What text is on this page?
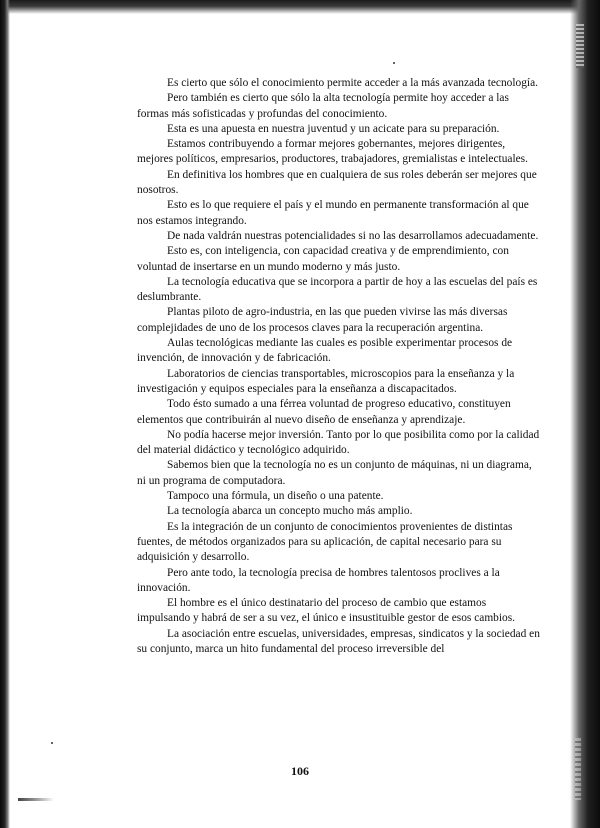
Es cierto que sólo el conocimiento permite acceder a la más avanzada tecnología.

Pero también es cierto que sólo la alta tecnología permite hoy acceder a las formas más sofisticadas y profundas del conocimiento.

Esta es una apuesta en nuestra juventud y un acicate para su preparación.

Estamos contribuyendo a formar mejores gobernantes, mejores dirigentes, mejores políticos, empresarios, productores, trabajadores, gremialistas e intelectuales.

En definitiva los hombres que en cualquiera de sus roles deberán ser mejores que nosotros.

Esto es lo que requiere el país y el mundo en permanente transformación al que nos estamos integrando.

De nada valdrán nuestras potencialidades si no las desarrollamos adecuadamente.

Esto es, con inteligencia, con capacidad creativa y de emprendimiento, con voluntad de insertarse en un mundo moderno y más justo.

La tecnología educativa que se incorpora a partir de hoy a las escuelas del país es deslumbrante.

Plantas piloto de agro-industria, en las que pueden vivirse las más diversas complejidades de uno de los procesos claves para la recuperación argentina.

Aulas tecnológicas mediante las cuales es posible experimentar procesos de invención, de innovación y de fabricación.

Laboratorios de ciencias transportables, microscopios para la enseñanza y la investigación y equipos especiales para la enseñanza a discapacitados.

Todo ésto sumado a una férrea voluntad de progreso educativo, constituyen elementos que contribuirán al nuevo diseño de enseñanza y aprendizaje.

No podía hacerse mejor inversión. Tanto por lo que posibilita como por la calidad del material didáctico y tecnológico adquirido.

Sabemos bien que la tecnología no es un conjunto de máquinas, ni un diagrama, ni un programa de computadora.

Tampoco una fórmula, un diseño o una patente.

La tecnología abarca un concepto mucho más amplio.

Es la integración de un conjunto de conocimientos provenientes de distintas fuentes, de métodos organizados para su aplicación, de capital necesario para su adquisición y desarrollo.

Pero ante todo, la tecnología precisa de hombres talentosos proclives a la innovación.

El hombre es el único destinatario del proceso de cambio que estamos impulsando y habrá de ser a su vez, el único e insustituible gestor de esos cambios.

La asociación entre escuelas, universidades, empresas, sindicatos y la sociedad en su conjunto, marca un hito fundamental del proceso irreversible del

106
